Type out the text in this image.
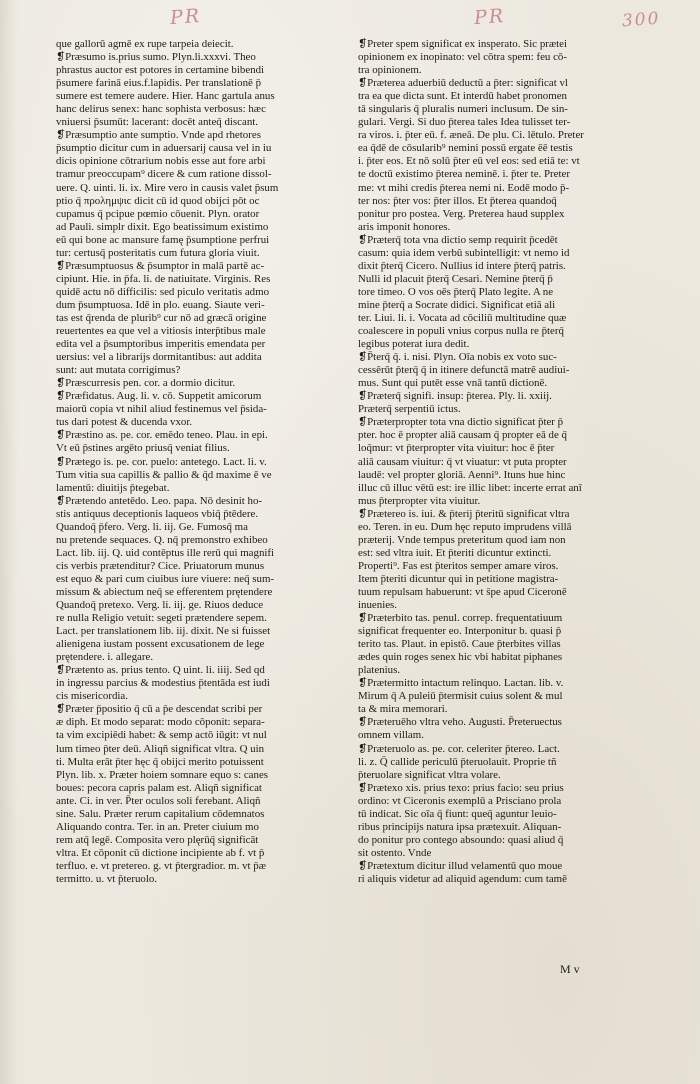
PR	PR	300
que gallorū agmē ex rupe tarpeia deiecit.
❡Præsumo is.prius sumo. Plyn.li.xxxvi. Theo
phrastus auctor est potores in certamine bibendi
p̄sumere farinā eius.f.lapidis. Per translationē p̄
sumere est temere audere. Hier. Hanc gartula anus
hanc delirus senex: hanc sophista verbosus: hæc
vniuersi p̄sumūt: lacerant: docēt anteq̄ discant.
❡Præsumptio ante sumptio. Vnde apd rhetores
p̄sumptio dicitur cum in aduersarij causa vel in iu
dicis opinione cōtrarium nobis esse aut fore arbi
tramur preoccupam⁹ dicere & cum ratione dissol-
uere. Q. uinti. li. ix. Mire vero in causis valet p̄sum
ptio q̄ προλημψιϲ dicit cū id quod obijci pōt oc
cupamus q̄ pcipue pœmio cōuenit. Plyn. orator
ad Pauli. simplr dixit. Ego beatissimum existimo
eū qui bone ac mansure famę p̄sumptione perfrui
tur: certusq̄ posteritatis cum futura gloria viuit.
❡Præsumptuosus & p̄sumptor in malā partē ac-
cipiunt. Hie. in p̄fa. li. de natiuitate. Virginis. Res
quidē actu nō difficilis: sed piculo veritatis admo
dum p̄sumptuosa. Idē in plo. euang. Siaute veri-
tas est q̄renda de plurib⁹ cur nō ad græcā origine
reuertentes ea que vel a vitiosis interp̄tibus male
edita vel a p̄sumptoribus imperitis emendata per
uersius: vel a librarijs dormitantibus: aut addita
sunt: aut mutata corrigimus?
❡Præscurresis pen. cor. a dormio dicitur.
❡Præfidatus. Aug. li. v. cō. Suppetit amicorum
maiorū copia vt nihil aliud festinemus vel p̄sida-
tus dari potest & ducenda vxor.
❡Præstino as. pe. cor. emēdo teneo. Plau. in epi.
Vt eū p̄stines argēto priusq̄ veniat filius.
❡Prætego is. pe. cor. puelo: antetego. Lact. li. v.
Tum vitia sua capillis & pallio & q̄d maxime ē ve
lamentū: diuitijs p̄tegebat.
❡Prætendo antetēdo. Leo. papa. Nō desinit ho-
stis antiquus deceptionis laqueos vbiq̄ p̄tēdere.
Quandoq̄ p̄fero. Verg. li. iij. Ge. Fumosq̄ ma
nu pretende sequaces. Q. nq̄ premonstro exhibeo
Lact. lib. iij. Q. uid contēptus ille rerū qui magnifi
cis verbis prætenditur? Cice. Priuatorum munus
est equo & pari cum ciuibus iure viuere: neq̄ sum-
missum & abiectum neq̄ se efferentem prętendere
Quandoq̄ pretexo. Verg. li. iij. ge. Riuos deduce
re nulla Religio vetuit: segeti prætendere sepem.
Lact. per translationem lib. iij. dixit. Ne si fuisset
alienigena iustam possent excusationem de lege
prętendere. i. allegare.
❡Prætento as. prius tento. Q uint. li. iiij. Sed qd
in ingressu parcius & modestius p̄tentāda est iudi
cis misericordia.
❡Præter p̄positio q̄ cū a p̄e descendat scribi per
æ diph. Et modo separat: modo cōponit: separa-
ta vim excipiēdi habet: & semp actō iūgit: vt nul
lum timeo p̄ter deū. Aliqñ significat vltra. Q uin
ti. Multa erāt p̄ter hęc q̄ obijci merito potuissent
Plyn. lib. x. Præter hoiem somnare equo s: canes
boues: pecora capris palam est. Aliqñ significat
ante. Ci. in ver. P̄ter oculos soli ferebant. Aliqñ
sine. Salu. Præter rerum capitalium cōdemnatos
Aliquando contra. Ter. in an. Preter ciuium mo
rem atq̄ legē. Composita vero plęrūq̄ significāt
vltra. Et cōponit cū dictione incipiente ab f. vt p̄
terfluo. e. vt pretereo. g. vt p̄tergradior. m. vt p̄æ
termitto. u. vt p̄teruolo.
❡Preter spem significat ex insperato. Sic prætei
opinionem ex inopinato: vel cōtra spem: feu cō-
tra opinionem.
❡Præterea aduerbiū deductū a p̄ter: significat vl
tra ea que dicta sunt. Et interdū habet pronomen
tā singularis q̄ pluralis numeri inclusum. De sin-
gulari. Vergi. Si duo p̄terea tales Idea tulisset ter-
ra viros. i. p̄ter eū. f. æneā. De plu. Ci. lētulo. Preter
ea q̄dē de cōsularib⁹ nemini possū ergate ēē testis
i. p̄ter eos. Et nō solū p̄ter eū vel eos: sed etiā te: vt
te doctū existimo p̄terea neminē. i. p̄ter te. Preter
me: vt mihi credis p̄terea nemi ni. Eodē modo p̄-
ter nos: p̄ter vos: p̄ter illos. Et p̄terea quandoq̄
ponitur pro postea. Verg. Preterea haud supplex
aris imponit honores.
❡Præterq̄ tota vna dictio semp requirit p̄cedēt
casum: quia idem verbū subintelligit: vt nemo id
dixit p̄terq̄ Cicero. Nullius id intere p̄terq̄ patris.
Nulli id placuit p̄terq̄ Cesari. Nemine p̄terq̄ p̄
tore timeo. O vos oēs p̄terq̄ Plato legite. A ne
mine p̄terq̄ a Socrate didici. Significat etiā ali
ter. Liui. li. i. Vocata ad cōciliū multitudine quæ
coalescere in populi vnius corpus nulla re p̄terq̄
legibus poterat iura dedit.
❡P̄terq̄ q̄. i. nisi. Plyn. Oīa nobis ex voto suc-
cessērūt p̄terq̄ q̄ in itinere defunctā matrē audiui-
mus. Sunt qui putēt esse vnā tantū dictionē.
❡Præterq̄ signifi. insup: p̄terea. Ply. li. xxiij.
Præterq̄ serpentiū ictus.
❡Præterpropter tota vna dictio significat p̄ter p̄
pter. hoc ē propter aliā causam q̄ propter eā de q̄
loq̄mur: vt p̄terpropter vita viuitur: hoc ē p̄ter
aliā causam viuitur: q̄ vt viuatur: vt puta propter
laudē: vel propter gloriā. Aenni⁹. Ituns hue hinc
illuc cū illuc vētū est: ire illic libet: incerte errat anī
mus p̄terpropter vita viuitur.
❡Prætereo is. iui. & p̄terij p̄teritū significat vltra
eo. Teren. in eu. Dum hęc reputo imprudens villā
præterij. Vnde tempus preteritum quod iam non
est: sed vltra iuit. Et p̄teriti dicuntur extincti.
Properti⁹. Fas est p̄teritos semper amare viros.
Item p̄teriti dicuntur qui in petitione magistra-
tuum repulsam habuerunt: vt s̄pe apud Ciceronē
inuenies.
❡Præterbito tas. penul. correp. frequentatiuum
significat frequenter eo. Interponitur b. quasi p̄
terito tas. Plaut. in epistō. Caue p̄terbites villas
ædes quin roges senex hic vbi habitat piphanes
platenius.
❡Prætermitto intactum relinquo. Lactan. lib. v.
Mirum q̄ A puleiū p̄termisit cuius solent & mul
ta & mira memorari.
❡Præteruēho vltra veho. Augusti. P̄reteruectus
omnem villam.
❡Præteruolo as. pe. cor. celeriter p̄tereo. Lact.
li. z. Q̄ callide periculū p̄teruolauit. Proprie tñ
p̄teruolare significat vltra volare.
❡Prætexo xis. prius texo: prius facio: seu prius
ordino: vt Ciceronis exemplū a Prisciano prola
tū indicat. Sic oīa q̄ fiunt: queq̄ aguntur leuio-
ribus principijs natura ipsa prætexuit. Aliquan-
do ponitur pro contego absoundo: quasi aliud q̄
sit ostento. Vnde
❡Prætextum dicitur illud velamentū quo moue
ri aliquis videtur ad aliquid agendum: cum tamē
M v
